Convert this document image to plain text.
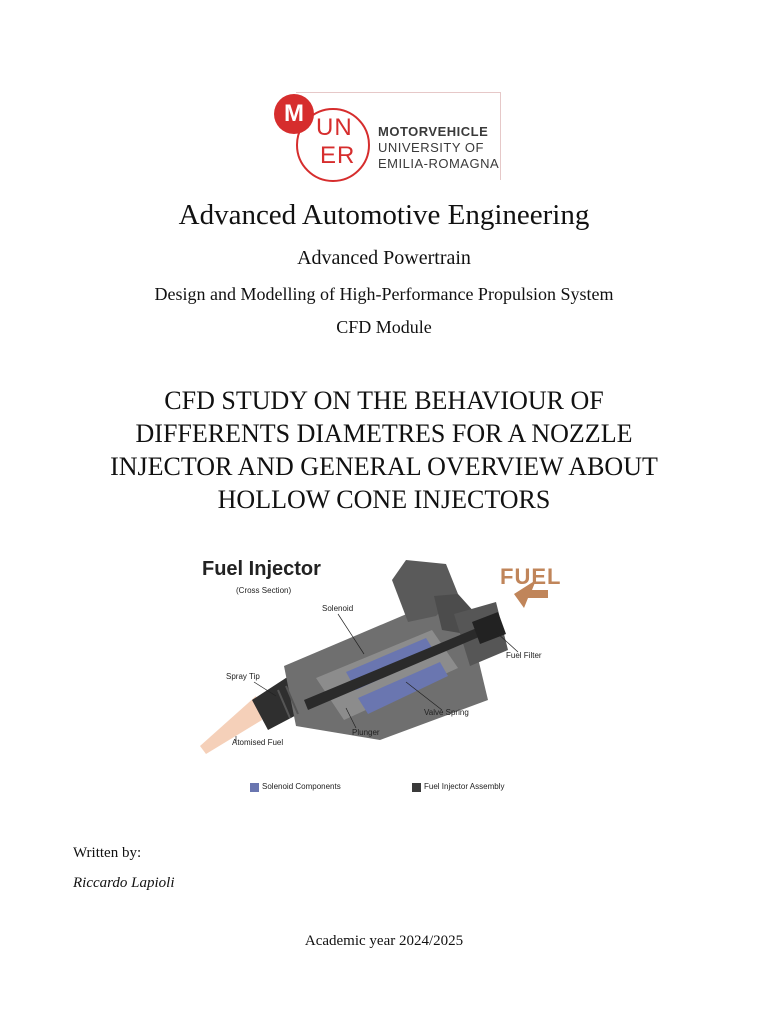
M
UN
ER
MOTORVEHICLE
UNIVERSITY OF
EMILIA-ROMAGNA
Advanced Automotive Engineering
Advanced Powertrain
Design and Modelling of High-Performance Propulsion System
CFD Module
CFD STUDY ON THE BEHAVIOUR OF
DIFFERENTS DIAMETRES FOR A NOZZLE
INJECTOR AND GENERAL OVERVIEW ABOUT
HOLLOW CONE INJECTORS
Fuel Injector
(Cross Section)
FUEL
Solenoid
Fuel Filter
Spray Tip
Valve Spring
Plunger
Atomised Fuel
Solenoid Components	Fuel Injector Assembly
Written by:
Riccardo Lapioli
Academic year 2024/2025
